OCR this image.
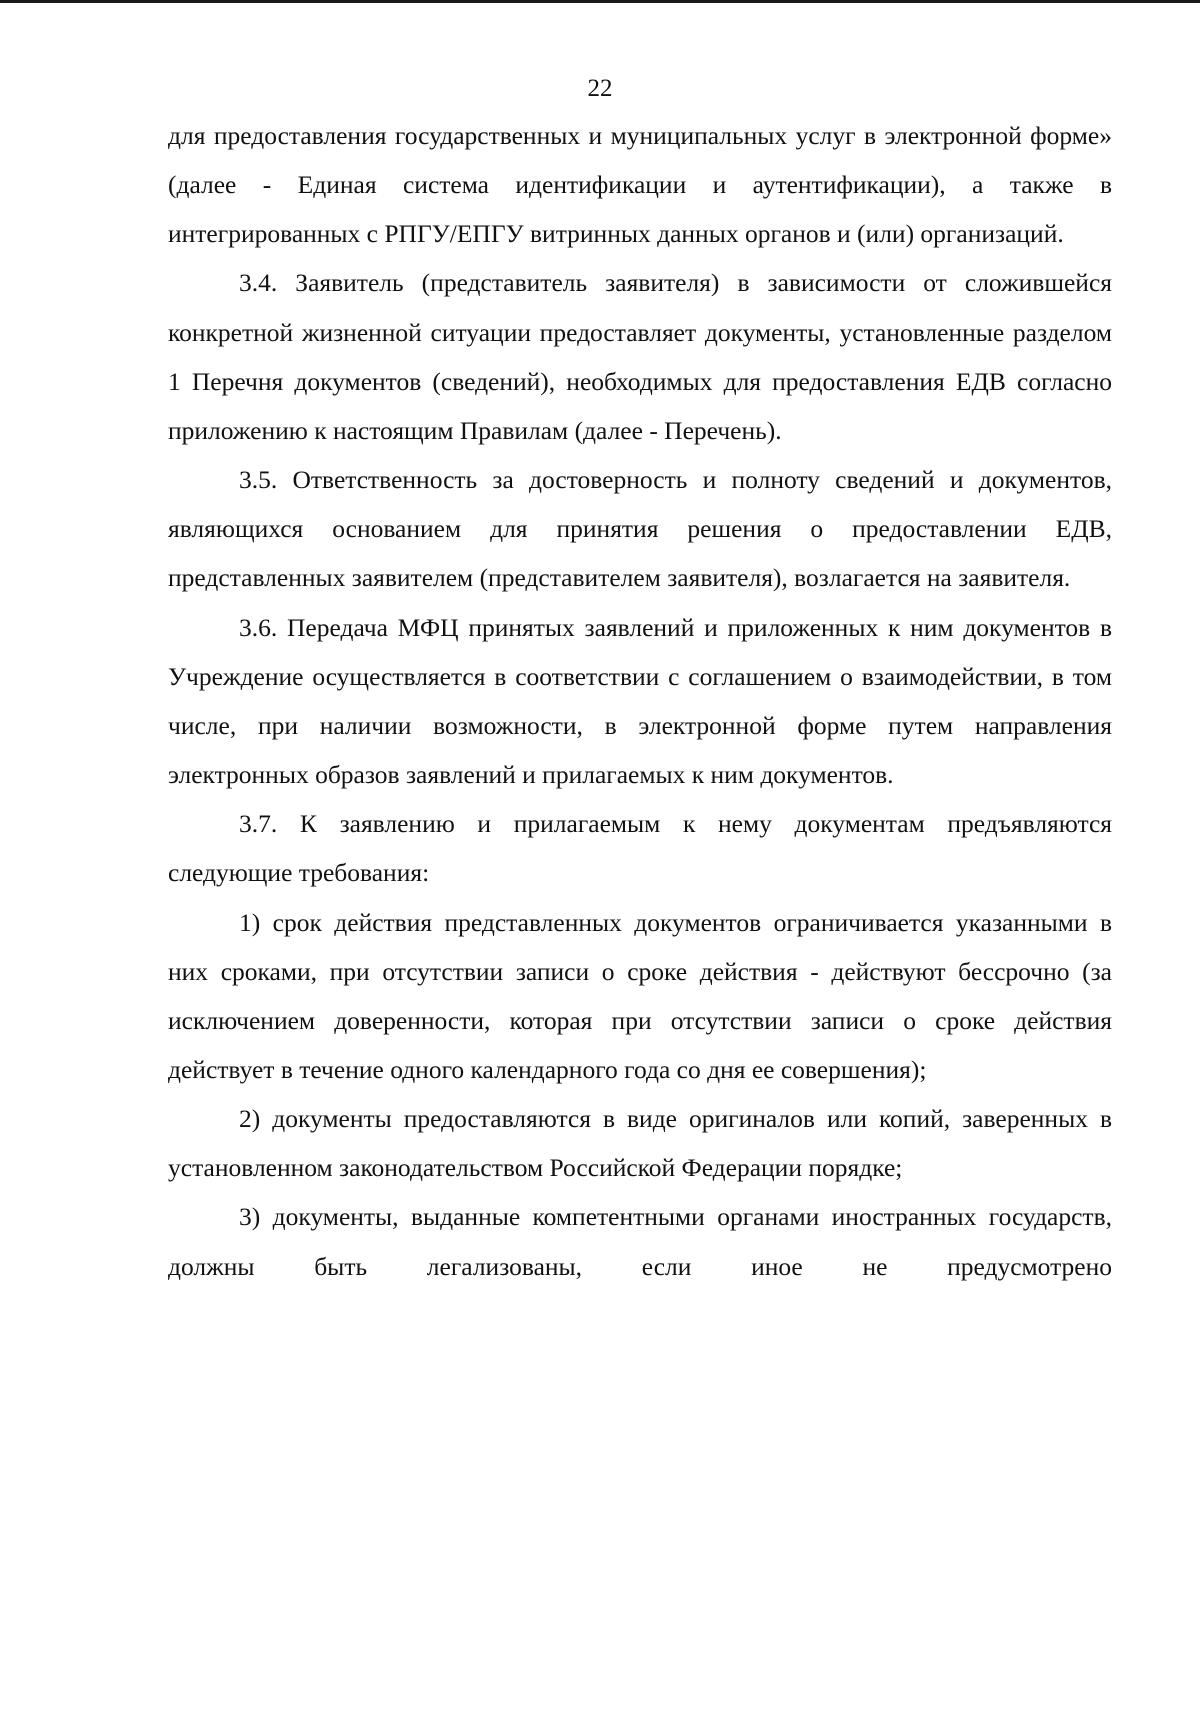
22

для предоставления государственных и муниципальных услуг в электронной форме» (далее - Единая система идентификации и аутентификации), а также в интегрированных с РПГУ/ЕПГУ витринных данных органов и (или) организаций.

3.4. Заявитель (представитель заявителя) в зависимости от сложившейся конкретной жизненной ситуации предоставляет документы, установленные разделом 1 Перечня документов (сведений), необходимых для предоставления ЕДВ согласно приложению к настоящим Правилам (далее - Перечень).

3.5. Ответственность за достоверность и полноту сведений и документов, являющихся основанием для принятия решения о предоставлении ЕДВ, представленных заявителем (представителем заявителя), возлагается на заявителя.

3.6. Передача МФЦ принятых заявлений и приложенных к ним документов в Учреждение осуществляется в соответствии с соглашением о взаимодействии, в том числе, при наличии возможности, в электронной форме путем направления электронных образов заявлений и прилагаемых к ним документов.

3.7. К заявлению и прилагаемым к нему документам предъявляются следующие требования:

1) срок действия представленных документов ограничивается указанными в них сроками, при отсутствии записи о сроке действия - действуют бессрочно (за исключением доверенности, которая при отсутствии записи о сроке действия действует в течение одного календарного года со дня ее совершения);

2) документы предоставляются в виде оригиналов или копий, заверенных в установленном законодательством Российской Федерации порядке;

3) документы, выданные компетентными органами иностранных государств, должны быть легализованы, если иное не предусмотрено
